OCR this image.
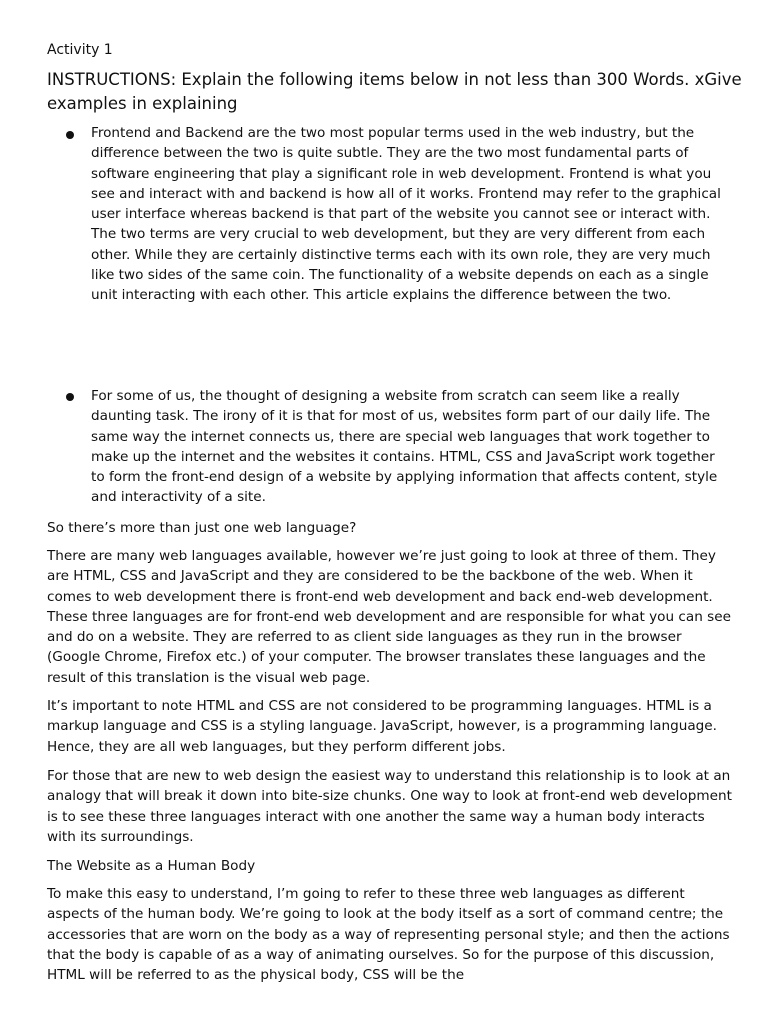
Activity 1

INSTRUCTIONS: Explain the following items below in not less than 300 Words. xGive examples in explaining

Frontend and Backend are the two most popular terms used in the web industry, but the difference between the two is quite subtle. They are the two most fundamental parts of software engineering that play a significant role in web development. Frontend is what you see and interact with and backend is how all of it works. Frontend may refer to the graphical user interface whereas backend is that part of the website you cannot see or interact with. The two terms are very crucial to web development, but they are very different from each other. While they are certainly distinctive terms each with its own role, they are very much like two sides of the same coin. The functionality of a website depends on each as a single unit interacting with each other. This article explains the difference between the two.

For some of us, the thought of designing a website from scratch can seem like a really daunting task. The irony of it is that for most of us, websites form part of our daily life. The same way the internet connects us, there are special web languages that work together to make up the internet and the websites it contains. HTML, CSS and JavaScript work together to form the front-end design of a website by applying information that affects content, style and interactivity of a site.

So there’s more than just one web language?

There are many web languages available, however we’re just going to look at three of them. They are HTML, CSS and JavaScript and they are considered to be the backbone of the web. When it comes to web development there is front-end web development and back end-web development. These three languages are for front-end web development and are responsible for what you can see and do on a website. They are referred to as client side languages as they run in the browser (Google Chrome, Firefox etc.) of your computer. The browser translates these languages and the result of this translation is the visual web page.

It’s important to note HTML and CSS are not considered to be programming languages. HTML is a markup language and CSS is a styling language. JavaScript, however, is a programming language. Hence, they are all web languages, but they perform different jobs.

For those that are new to web design the easiest way to understand this relationship is to look at an analogy that will break it down into bite-size chunks. One way to look at front-end web development is to see these three languages interact with one another the same way a human body interacts with its surroundings.

The Website as a Human Body

To make this easy to understand, I’m going to refer to these three web languages as different aspects of the human body. We’re going to look at the body itself as a sort of command centre; the accessories that are worn on the body as a way of representing personal style; and then the actions that the body is capable of as a way of animating ourselves. So for the purpose of this discussion, HTML will be referred to as the physical body, CSS will be the
